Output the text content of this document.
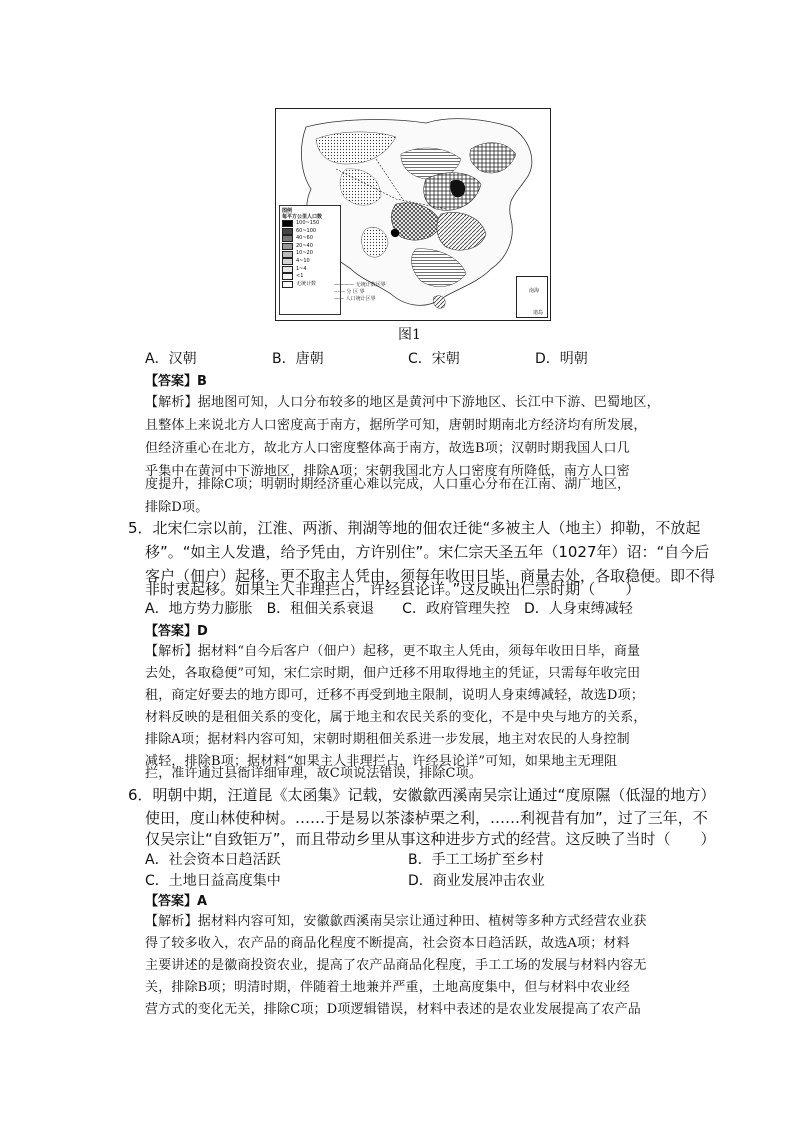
图例
每平方公里人口数
100~150
60~100
40~60
20~40
10~20
4~10
1~4
<1
无统计数	———— 无统计数区界
------ 分 区 界
—— 人口统计区界
南海
诸岛
图1
A．汉朝	B．唐朝	C．宋朝	D．明朝
【答案】B
【解析】据地图可知，人口分布较多的地区是黄河中下游地区、长江中下游、巴蜀地区，
且整体上来说北方人口密度高于南方，据所学可知，唐朝时期南北方经济均有所发展，
但经济重心在北方，故北方人口密度整体高于南方，故选B项；汉朝时期我国人口几
乎集中在黄河中下游地区，排除A项；宋朝我国北方人口密度有所降低，南方人口密
度提升，排除C项；明朝时期经济重心难以完成，人口重心分布在江南、湖广地区，
排除D项。
5．北宋仁宗以前，江淮、两浙、荆湖等地的佃农迁徙“多被主人（地主）抑勒，不放起
移”。“如主人发遣，给予凭由，方许别住”。宋仁宗天圣五年（1027年）诏：“自今后
客户（佃户）起移，更不取主人凭由，须每年收田日毕，商量去处，各取稳便。即不得
非时衷起移。如果主人非理拦占，许经县论详。”这反映出仁宗时期（　　）
A．地方势力膨胀　B．租佃关系衰退　　C．政府管理失控　D．人身束缚减轻
【答案】D
【解析】据材料“自今后客户（佃户）起移，更不取主人凭由，须每年收田日毕，商量
去处，各取稳便”可知，宋仁宗时期，佃户迁移不用取得地主的凭证，只需每年收完田
租，商定好要去的地方即可，迁移不再受到地主限制，说明人身束缚减轻，故选D项；
材料反映的是租佃关系的变化，属于地主和农民关系的变化，不是中央与地方的关系，
排除A项；据材料内容可知，宋朝时期租佃关系进一步发展，地主对农民的人身控制
减轻，排除B项；据材料“如果主人非理拦占，许经县论详”可知，如果地主无理阻
拦，准许通过县衙详细审理，故C项说法错误，排除C项。
6．明朝中期，汪道昆《太函集》记载，安徽歙西溪南吴宗让通过“度原隰（低湿的地方）
使田，度山林使种树。……于是易以茶漆栌栗之利，……利视昔有加”，过了三年，不
仅吴宗让“自致钜万”，而且带动乡里从事这种进步方式的经营。这反映了当时（　　）
A．社会资本日趋活跃	B．手工工场扩至乡村
C．土地日益高度集中	D．商业发展冲击农业
【答案】A
【解析】据材料内容可知，安徽歙西溪南吴宗让通过种田、植树等多种方式经营农业获
得了较多收入，农产品的商品化程度不断提高，社会资本日趋活跃，故选A项；材料
主要讲述的是徽商投资农业，提高了农产品商品化程度，手工工场的发展与材料内容无
关，排除B项；明清时期，伴随着土地兼并严重，土地高度集中，但与材料中农业经
营方式的变化无关，排除C项；D项逻辑错误，材料中表述的是农业发展提高了农产品
